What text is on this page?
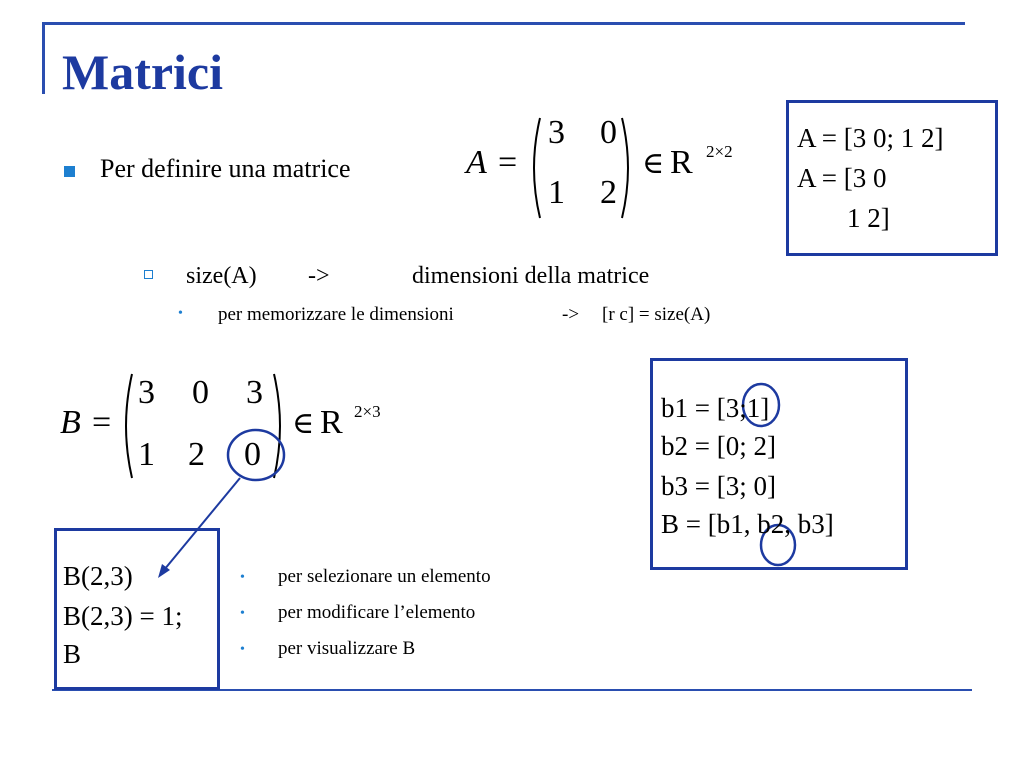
Matrici
Per definire una matrice	A =
3 0
1 2
∈ R 2×2 A = [3 0; 1 2]
A = [3 0
1 2]
size(A) ->	dimensioni della matrice
• per memorizzare le dimensioni	-> [r c] = size(A)
B =
3 0 3
1 2 0
∈ R 2×3	b1 = [3;1]
b2 = [0; 2]
b3 = [3; 0]
B = [b1, b2, b3]
B(2,3)
B(2,3) = 1;
B
• per selezionare un elemento
• per modificare l’elemento
• per visualizzare B
